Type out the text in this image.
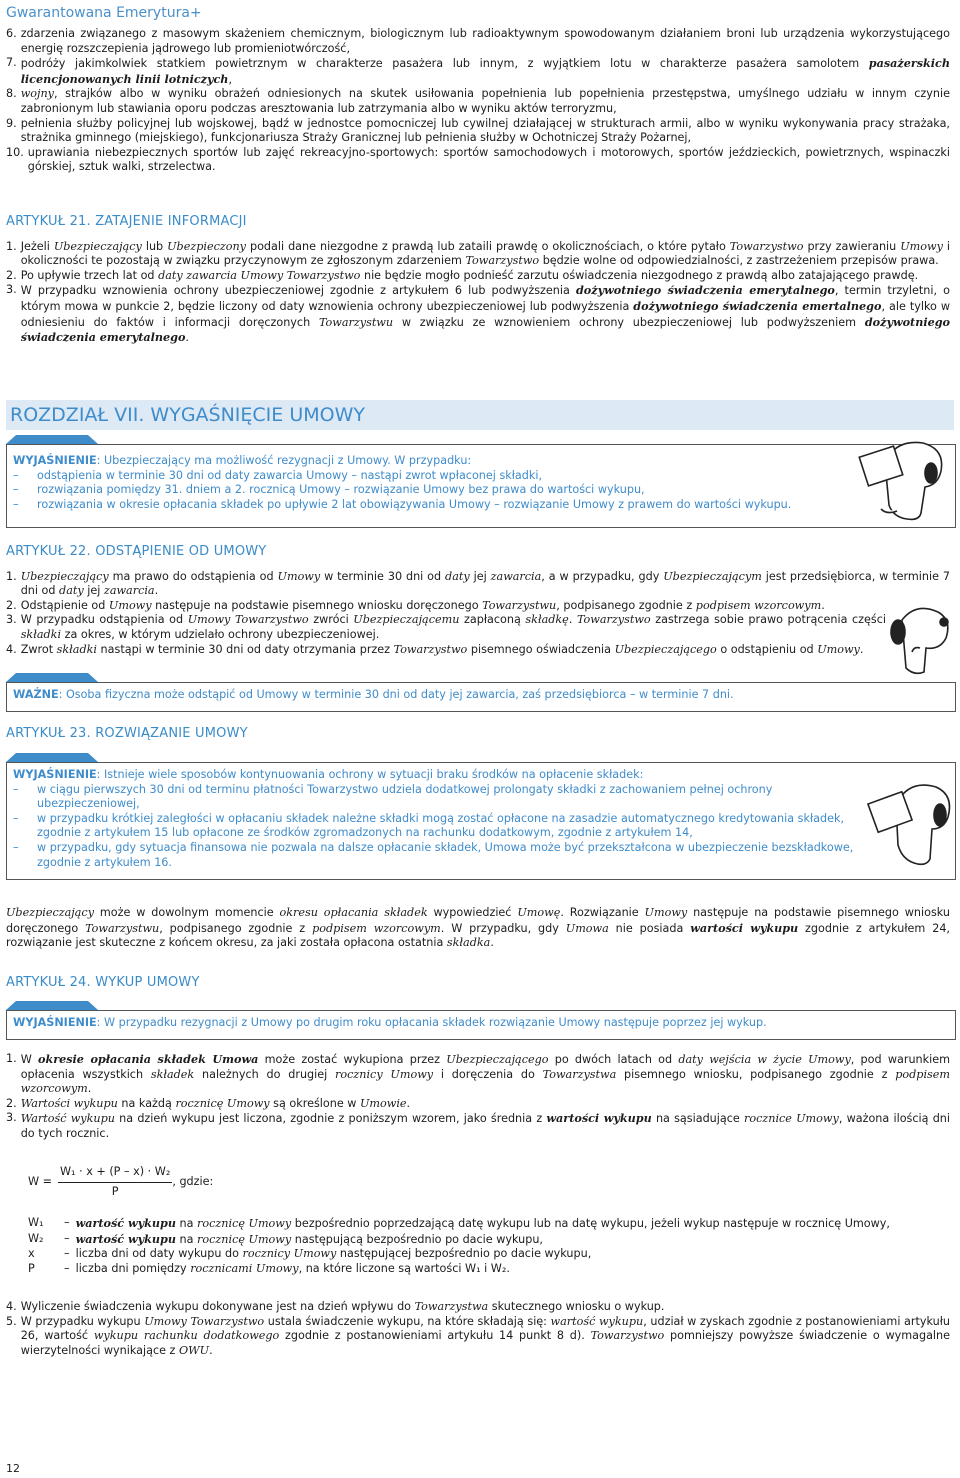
Gwarantowana Emerytura+
6. zdarzenia związanego z masowym skażeniem chemicznym, biologicznym lub radioaktywnym spowodowanym działaniem broni lub urządzenia wykorzystującego energię rozszczepienia jądrowego lub promieniotwórczość,
7. podróży jakimkolwiek statkiem powietrznym w charakterze pasażera lub innym, z wyjątkiem lotu w charakterze pasażera samolotem pasażerskich licencjonowanych linii lotniczych,
8. wojny, strajków albo w wyniku obrażeń odniesionych na skutek usiłowania popełnienia lub popełnienia przestępstwa, umyślnego udziału w innym czynie zabronionym lub stawiania oporu podczas aresztowania lub zatrzymania albo w wyniku aktów terroryzmu,
9. pełnienia służby policyjnej lub wojskowej, bądź w jednostce pomocniczej lub cywilnej działającej w strukturach armii, albo w wyniku wykonywania pracy strażaka, strażnika gminnego (miejskiego), funkcjonariusza Straży Granicznej lub pełnienia służby w Ochotniczej Straży Pożarnej,
10. uprawiania niebezpiecznych sportów lub zajęć rekreacyjno-sportowych: sportów samochodowych i motorowych, sportów jeździeckich, powietrznych, wspinaczki górskiej, sztuk walki, strzelectwa.
ARTYKUŁ 21. ZATAJENIE INFORMACJI
1. Jeżeli Ubezpieczający lub Ubezpieczony podali dane niezgodne z prawdą lub zataili prawdę o okolicznościach, o które pytało Towarzystwo przy zawieraniu Umowy i okoliczności te pozostają w związku przyczynowym ze zgłoszonym zdarzeniem Towarzystwo będzie wolne od odpowiedzialności, z zastrzeżeniem przepisów prawa.
2. Po upływie trzech lat od daty zawarcia Umowy Towarzystwo nie będzie mogło podnieść zarzutu oświadczenia niezgodnego z prawdą albo zatajającego prawdę.
3. W przypadku wznowienia ochrony ubezpieczeniowej zgodnie z artykułem 6 lub podwyższenia dożywotniego świadczenia emerytalnego, termin trzyletni, o którym mowa w punkcie 2, będzie liczony od daty wznowienia ochrony ubezpieczeniowej lub podwyższenia dożywotniego świadczenia emertalnego, ale tylko w odniesieniu do faktów i informacji doręczonych Towarzystwu w związku ze wznowieniem ochrony ubezpieczeniowej lub podwyższeniem dożywotniego świadczenia emerytalnego.
ROZDZIAŁ VII. WYGAŚNIĘCIE UMOWY
WYJAŚNIENIE: Ubezpieczający ma możliwość rezygnacji z Umowy. W przypadku:
–	odstąpienia w terminie 30 dni od daty zawarcia Umowy – nastąpi zwrot wpłaconej składki,
–	rozwiązania pomiędzy 31. dniem a 2. rocznicą Umowy – rozwiązanie Umowy bez prawa do wartości wykupu,
–	rozwiązania w okresie opłacania składek po upływie 2 lat obowiązywania Umowy – rozwiązanie Umowy z prawem do wartości wykupu.
ARTYKUŁ 22. ODSTĄPIENIE OD UMOWY
1. Ubezpieczający ma prawo do odstąpienia od Umowy w terminie 30 dni od daty jej zawarcia, a w przypadku, gdy Ubezpieczającym jest przedsiębiorca, w terminie 7 dni od daty jej zawarcia.
2. Odstąpienie od Umowy następuje na podstawie pisemnego wniosku doręczonego Towarzystwu, podpisanego zgodnie z podpisem wzorcowym.
3. W przypadku odstąpienia od Umowy Towarzystwo zwróci Ubezpieczającemu zapłaconą składkę. Towarzystwo zastrzega sobie prawo potrącenia części składki za okres, w którym udzielało ochrony ubezpieczeniowej.
4. Zwrot składki nastąpi w terminie 30 dni od daty otrzymania przez Towarzystwo pisemnego oświadczenia Ubezpieczającego o odstąpieniu od Umowy.
WAŻNE: Osoba fizyczna może odstąpić od Umowy w terminie 30 dni od daty jej zawarcia, zaś przedsiębiorca – w terminie 7 dni.
ARTYKUŁ 23. ROZWIĄZANIE UMOWY
WYJAŚNIENIE: Istnieje wiele sposobów kontynuowania ochrony w sytuacji braku środków na opłacenie składek:
–	w ciągu pierwszych 30 dni od terminu płatności Towarzystwo udziela dodatkowej prolongaty składki z zachowaniem pełnej ochrony ubezpieczeniowej,
–	w przypadku krótkiej zaległości w opłacaniu składek należne składki mogą zostać opłacone na zasadzie automatycznego kredytowania składek, zgodnie z artykułem 15 lub opłacone ze środków zgromadzonych na rachunku dodatkowym, zgodnie z artykułem 14,
–	w przypadku, gdy sytuacja finansowa nie pozwala na dalsze opłacanie składek, Umowa może być przekształcona w ubezpieczenie bezskładkowe, zgodnie z artykułem 16.
Ubezpieczający może w dowolnym momencie okresu opłacania składek wypowiedzieć Umowę. Rozwiązanie Umowy następuje na podstawie pisemnego wniosku doręczonego Towarzystwu, podpisanego zgodnie z podpisem wzorcowym. W przypadku, gdy Umowa nie posiada wartości wykupu zgodnie z artykułem 24, rozwiązanie jest skuteczne z końcem okresu, za jaki została opłacona ostatnia składka.
ARTYKUŁ 24. WYKUP UMOWY
WYJAŚNIENIE: W przypadku rezygnacji z Umowy po drugim roku opłacania składek rozwiązanie Umowy następuje poprzez jej wykup.
1. W okresie opłacania składek Umowa może zostać wykupiona przez Ubezpieczającego po dwóch latach od daty wejścia w życie Umowy, pod warunkiem opłacenia wszystkich składek należnych do drugiej rocznicy Umowy i doręczenia do Towarzystwa pisemnego wniosku, podpisanego zgodnie z podpisem wzorcowym.
2. Wartości wykupu na każdą rocznicę Umowy są określone w Umowie.
3. Wartość wykupu na dzień wykupu jest liczona, zgodnie z poniższym wzorem, jako średnia z wartości wykupu na sąsiadujące rocznice Umowy, ważona ilością dni do tych rocznic.
W =	
W₁ · x + (P – x) · W₂
P
	, gdzie:
W₁	– wartość wykupu na rocznicę Umowy bezpośrednio poprzedzającą datę wykupu lub na datę wykupu, jeżeli wykup następuje w rocznicę Umowy,
W₂	– wartość wykupu na rocznicę Umowy następującą bezpośrednio po dacie wykupu,
x	– liczba dni od daty wykupu do rocznicy Umowy następującej bezpośrednio po dacie wykupu,
P	– liczba dni pomiędzy rocznicami Umowy, na które liczone są wartości W₁ i W₂.
4. Wyliczenie świadczenia wykupu dokonywane jest na dzień wpływu do Towarzystwa skutecznego wniosku o wykup.
5. W przypadku wykupu Umowy Towarzystwo ustala świadczenie wykupu, na które składają się: wartość wykupu, udział w zyskach zgodnie z postanowieniami artykułu 26, wartość wykupu rachunku dodatkowego zgodnie z postanowieniami artykułu 14 punkt 8 d). Towarzystwo pomniejszy powyższe świadczenie o wymagalne wierzytelności wynikające z OWU.
12
